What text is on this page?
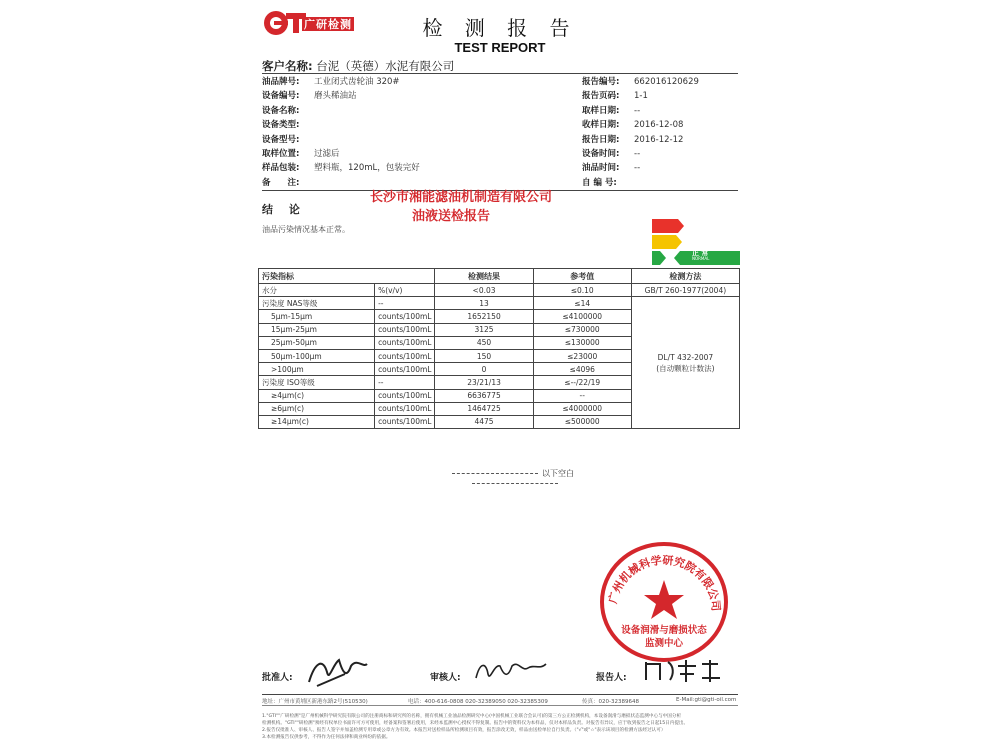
广研检测	检 测 报 告
TEST REPORT
客户名称: 台泥（英德）水泥有限公司
油品牌号: 工业闭式齿轮油 320#
设备编号: 磨头稀油站
设备名称:
设备类型:
设备型号:
取样位置: 过滤后
样品包装: 塑料瓶，120mL，包装完好
备　　注:
报告编号: 662016120629
报告页码: 1-1
取样日期: --
收样日期: 2016-12-08
报告日期: 2016-12-12
设备时间: --
油品时间: --
自 编 号:
长沙市湘能滤油机制造有限公司
油液送检报告
结 论
油品污染情况基本正常。
正 常
NORMAL
污染指标		检测结果	参考值	检测方法
水分	%(v/v)	<0.03	≤0.10	GB/T 260-1977(2004)
污染度 NAS等级	--	13	≤14	DL/T 432-2007
(自动颗粒计数法)

5μm-15μm	counts/100mL	1652150	≤4100000	
15μm-25μm	counts/100mL	3125	≤730000	
25μm-50μm	counts/100mL	450	≤130000	
50μm-100μm	counts/100mL	150	≤23000	
>100μm	counts/100mL	0	≤4096	
污染度 ISO等级	--	23/21/13	≤--/22/19	
≥4μm(c)	counts/100mL	6636775	--	
≥6μm(c)	counts/100mL	1464725	≤4000000	
≥14μm(c)	counts/100mL	4475	≤500000	
以下空白
广州机械科学研究院有限公司
设备润滑与磨损状态
监测中心
批准人:	审核人:	报告人:
地址：广州市黄埔区新港东路2号(510530)	电话：400-616-0808 020-32389050 020-32385309	传真：020-32389648	E-Mail:gti@gti-oil.com
1."GTI""广研检测"是广州机械科学研究院有限公司的注册商标和研究所的名称，拥有机械工业油品检测研究中心(中国机械工业联合会认可)的第三方公正检测机构，本设备润滑与磨损状态监测中心与中国分析
检测机构。"GTI""研检测"须经有权单位书面许可方可使用，经备案和签署后使用，未经本监测中心授权不得复制。报告中的资料仅为本样品，仅对本样品负责。对报告有异议，应于收到报告之日起15日内提出。
2.报告仅批准人、审核人、报告人签字并加盖检测专用章或公章方为有效。本报告对送检样品所检测项目有效，报告涂改无效，样品由送检单位自行负责。（"√"或"☆"表示该项目的检测方法经过认可）
3.本检测报告仅供参考，不得作为任何法律和商业纠纷的依据。
